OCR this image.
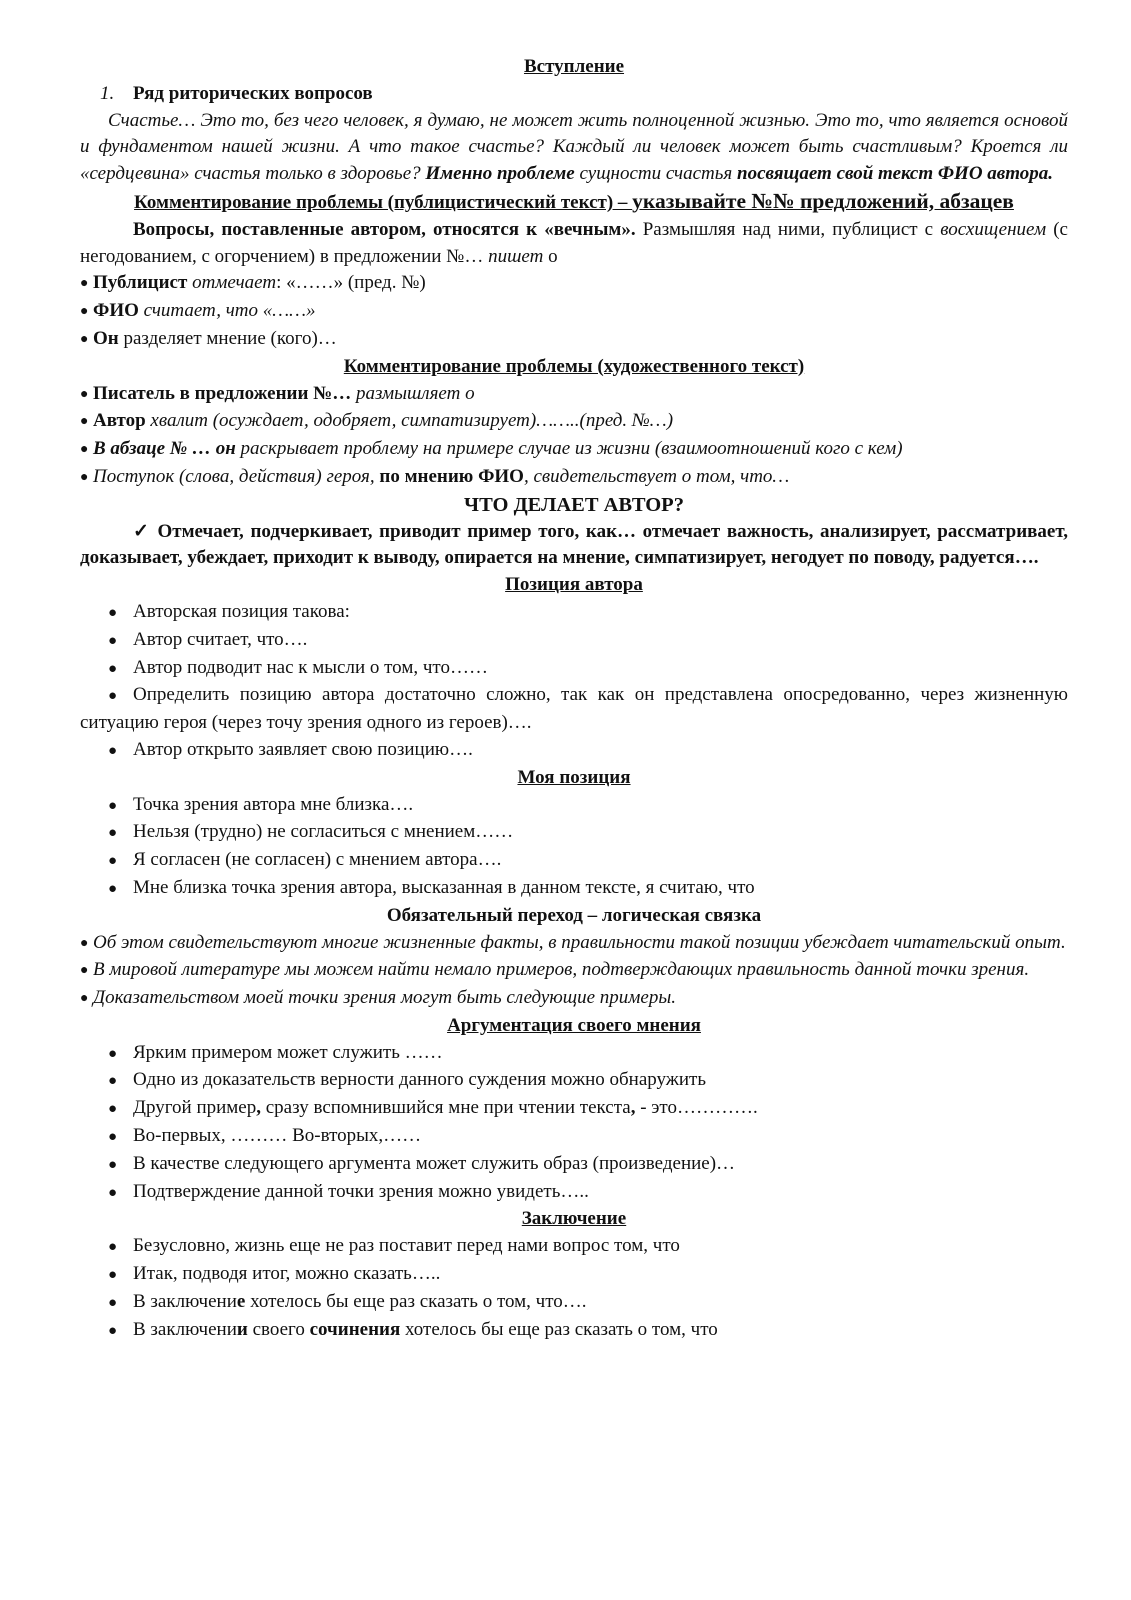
Вступление
1. Ряд риторических вопросов
Счастье… Это то, без чего человек, я думаю, не может жить полноценной жизнью. Это то, что является основой и фундаментом нашей жизни. А что такое счастье? Каждый ли человек может быть счастливым? Кроется ли «сердцевина» счастья только в здоровье? Именно проблеме сущности счастья посвящает свой текст ФИО автора.
Комментирование проблемы (публицистический текст) – указывайте №№ предложений, абзацев
Вопросы, поставленные автором, относятся к «вечным». Размышляя над ними, публицист с восхищением (с негодованием, с огорчением) в предложении №… пишет о
● Публицист отмечает: «……» (пред. №)
● ФИО считает, что «……»
● Он разделяет мнение (кого)…
Комментирование проблемы (художественного текст)
● Писатель в предложении №… размышляет о
● Автор хвалит (осуждает, одобряет, симпатизирует)……..(пред. №…)
● В абзаце № … он раскрывает проблему на примере случае из жизни (взаимоотношений кого с кем)
● Поступок (слова, действия) героя, по мнению ФИО, свидетельствует о том, что…
ЧТО ДЕЛАЕТ АВТОР?
✓ Отмечает, подчеркивает, приводит пример того, как… отмечает важность, анализирует, рассматривает, доказывает, убеждает, приходит к выводу, опирается на мнение, симпатизирует, негодует по поводу, радуется….
Позиция автора
● Авторская позиция такова:
● Автор считает, что….
● Автор подводит нас к мысли о том, что……
● Определить позицию автора достаточно сложно, так как он представлена опосредованно, через жизненную ситуацию героя (через точу зрения одного из героев)….
● Автор открыто заявляет свою позицию….
Моя позиция
● Точка зрения автора мне близка….
● Нельзя (трудно) не согласиться с мнением……
● Я согласен (не согласен) с мнением автора….
● Мне близка точка зрения автора, высказанная в данном тексте, я считаю, что
Обязательный переход – логическая связка
● Об этом свидетельствуют многие жизненные факты, в правильности такой позиции убеждает читательский опыт.
● В мировой литературе мы можем найти немало примеров, подтверждающих правильность данной точки зрения.
● Доказательством моей точки зрения могут быть следующие примеры.
Аргументация своего мнения
● Ярким примером может служить ……
● Одно из доказательств верности данного суждения можно обнаружить
● Другой пример, сразу вспомнившийся мне при чтении текста, - это………….
● Во-первых, ……… Во-вторых,……
● В качестве следующего аргумента может служить образ (произведение)…
● Подтверждение данной точки зрения можно увидеть…..
Заключение
● Безусловно, жизнь еще не раз поставит перед нами вопрос том, что
● Итак, подводя итог, можно сказать…..
● В заключение хотелось бы еще раз сказать о том, что….
● В заключении своего сочинения хотелось бы еще раз сказать о том, что
